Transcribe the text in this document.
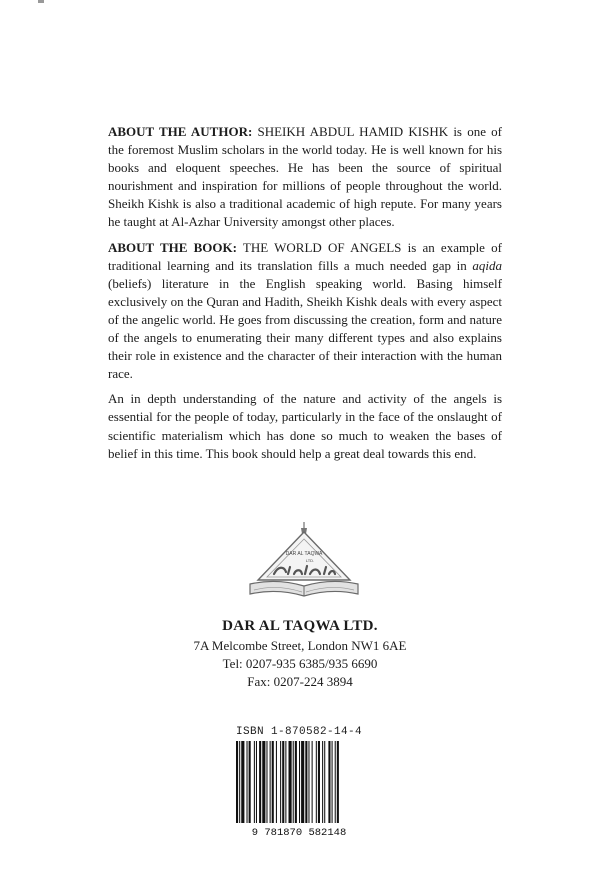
ABOUT THE AUTHOR: SHEIKH ABDUL HAMID KISHK is one of the foremost Muslim scholars in the world today. He is well known for his books and eloquent speeches. He has been the source of spiritual nourishment and inspiration for millions of people throughout the world. Sheikh Kishk is also a traditional academic of high repute. For many years he taught at Al-Azhar University amongst other places.

ABOUT THE BOOK: THE WORLD OF ANGELS is an example of traditional learning and its translation fills a much needed gap in aqida (beliefs) literature in the English speaking world. Basing himself exclusively on the Quran and Hadith, Sheikh Kishk deals with every aspect of the angelic world. He goes from discussing the creation, form and nature of the angels to enumerating their many different types and also explains their role in existence and the character of their interaction with the human race.

An in depth understanding of the nature and activity of the angels is essential for the people of today, particularly in the face of the onslaught of scientific materialism which has done so much to weaken the bases of belief in this time. This book should help a great deal towards this end.

DAR AL TAQWA
LTD.
DAR AL TAQWA LTD.
7A Melcombe Street, London NW1 6AE
Tel: 0207-935 6385/935 6690
Fax: 0207-224 3894
ISBN 1-870582-14-4
9 781870 582148
